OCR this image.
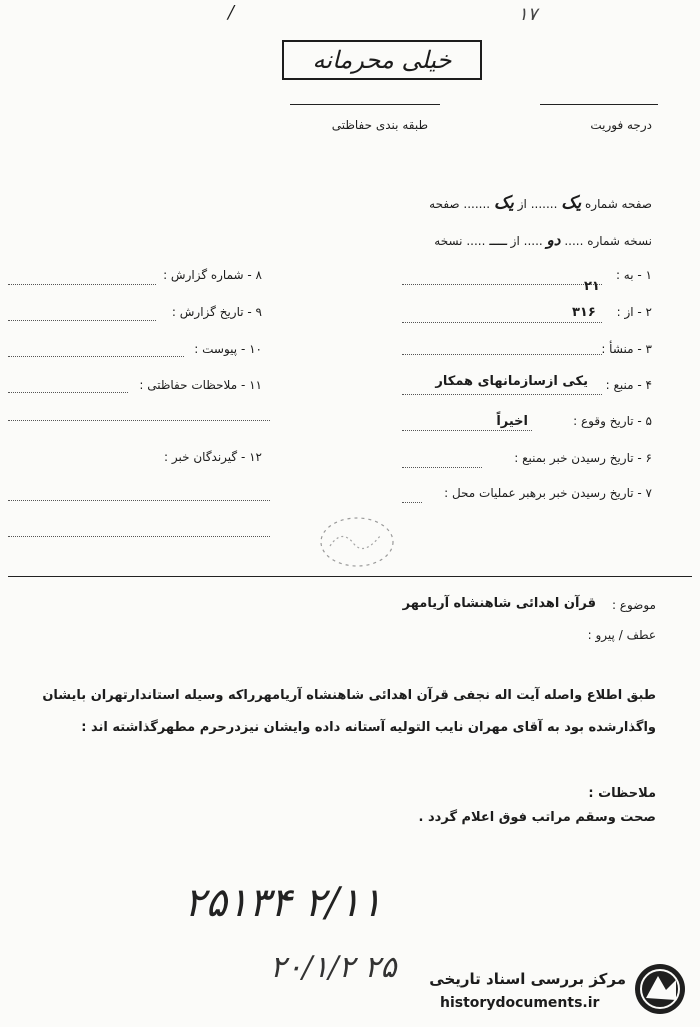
/	۱۷
خیلی محرمانه
درجه فوریت
طبقه بندی حفاظتی
صفحه شماره یک ....... از یک ....... صفحه
نسخه شماره ..... دو ..... از ــــ ..... نسخه
۱ - به :
۲۱
۲ - از :
۳۱۶
۳ - منشأ :
۴ - منبع :
یکی ازسازمانهای همکار
۵ - تاریخ وقوع :
اخیراً
۶ - تاریخ رسیدن خبر بمنبع :
۷ - تاریخ رسیدن خبر برهبر عملیات محل :
۸ - شماره گزارش :
۹ - تاریخ گزارش :
۱۰ - پیوست :
۱۱ - ملاحظات حفاظتی :
۱۲ - گیرندگان خبر :
موضوع :
قرآن اهدائی شاهنشاه آریامهر
عطف / پیرو :
طبق اطلاع واصله آیت اله نجفی قرآن اهدائی شاهنشاه آریامهرراکه وسیله استاندارتهران بایشان
واگذارشده بود به آقای مهران نایب التولیه آستانه داده وایشان نیزدرحرم مطهرگذاشته اند :
ملاحظات :
صحت وسقم مراتب فوق اعلام گردد .
۲۵۱۳۴ ۲/۱۱
۲۰/۱/۲ ۲۵ مرکز بررسی اسناد تاریخی
historydocuments.ir
